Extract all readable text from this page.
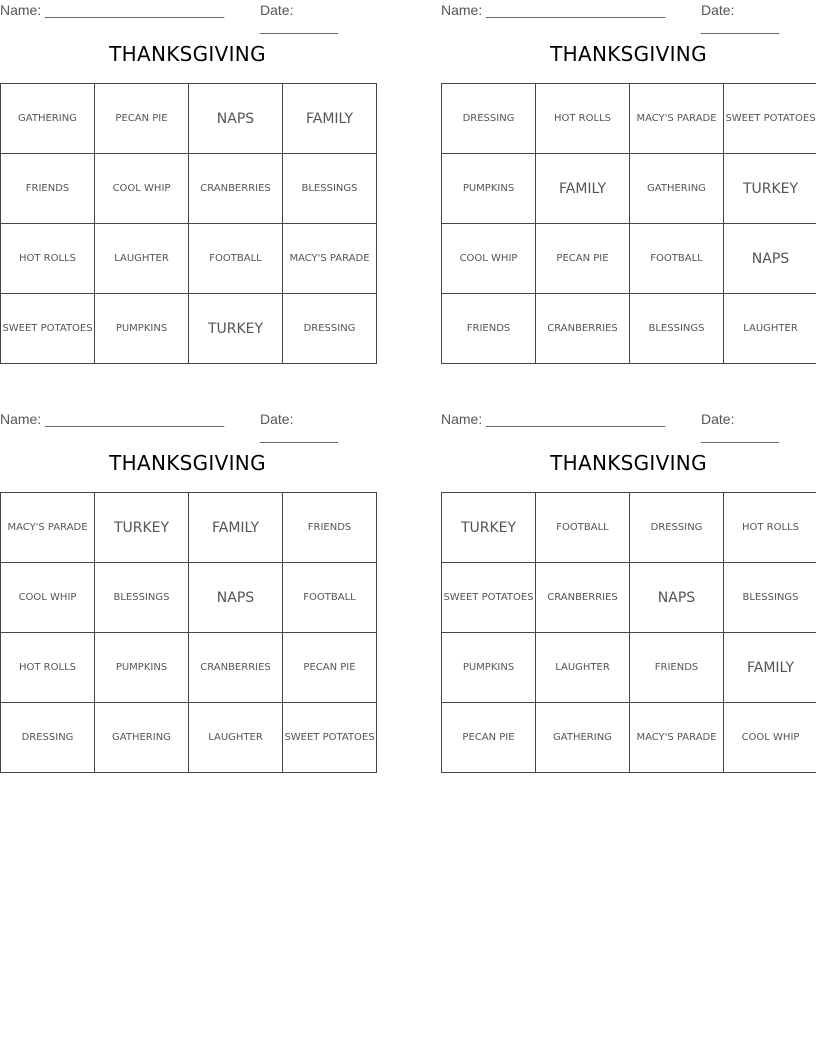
Name: _______________________	Date: __________
THANKSGIVING
GATHERING	PECAN PIE	NAPS	FAMILY
FRIENDS	COOL WHIP	CRANBERRIES	BLESSINGS
HOT ROLLS	LAUGHTER	FOOTBALL	MACY'S PARADE
SWEET POTATOES	PUMPKINS	TURKEY	DRESSING
Name: _______________________	Date: __________
THANKSGIVING
DRESSING	HOT ROLLS	MACY'S PARADE	SWEET POTATOES
PUMPKINS	FAMILY	GATHERING	TURKEY
COOL WHIP	PECAN PIE	FOOTBALL	NAPS
FRIENDS	CRANBERRIES	BLESSINGS	LAUGHTER
Name: _______________________	Date: __________
THANKSGIVING
MACY'S PARADE	TURKEY	FAMILY	FRIENDS
COOL WHIP	BLESSINGS	NAPS	FOOTBALL
HOT ROLLS	PUMPKINS	CRANBERRIES	PECAN PIE
DRESSING	GATHERING	LAUGHTER	SWEET POTATOES
Name: _______________________	Date: __________
THANKSGIVING
TURKEY	FOOTBALL	DRESSING	HOT ROLLS
SWEET POTATOES	CRANBERRIES	NAPS	BLESSINGS
PUMPKINS	LAUGHTER	FRIENDS	FAMILY
PECAN PIE	GATHERING	MACY'S PARADE	COOL WHIP
